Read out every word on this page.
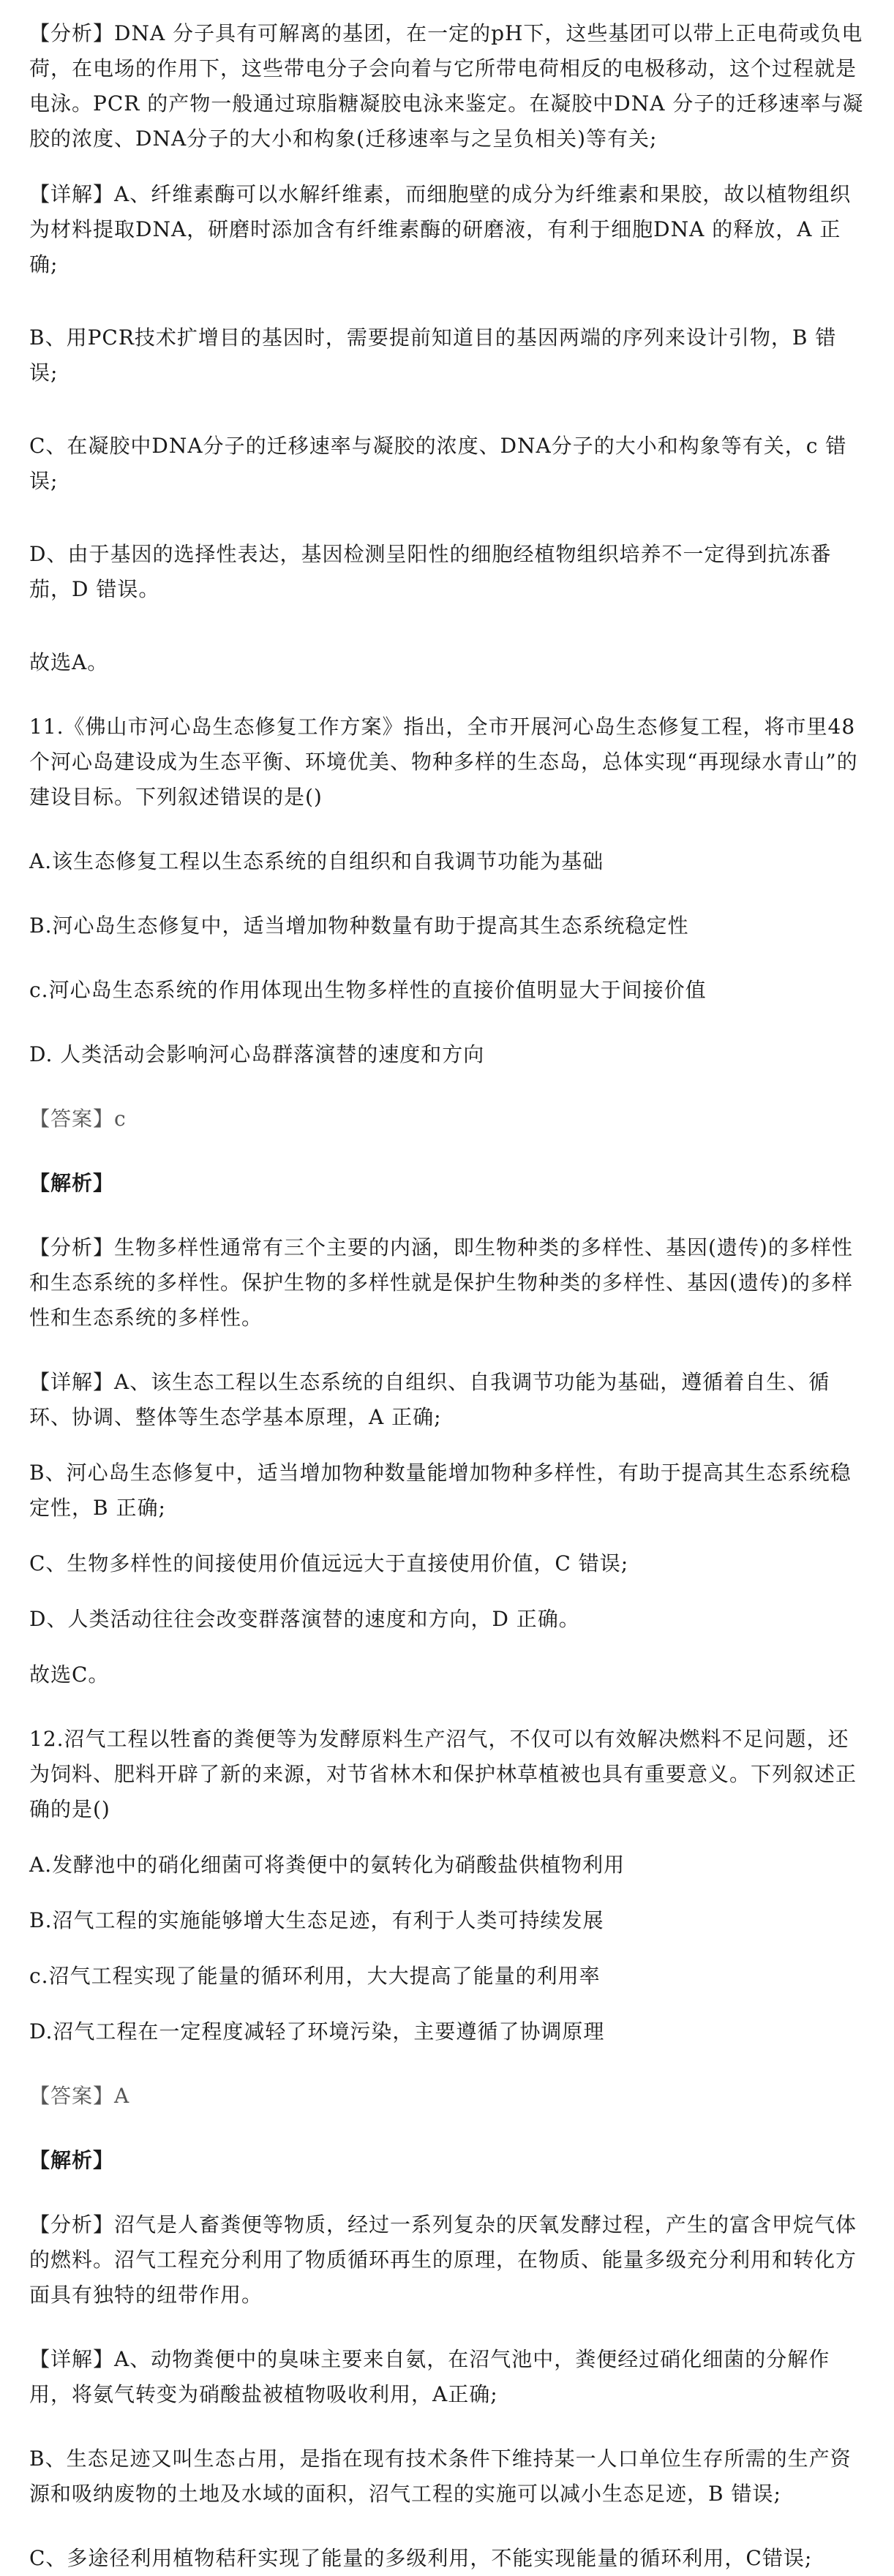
【分析】DNA 分子具有可解离的基团，在一定的pH下，这些基团可以带上正电荷或负电荷，在电场的作用下，这些带电分子会向着与它所带电荷相反的电极移动，这个过程就是电泳。PCR 的产物一般通过琼脂糖凝胶电泳来鉴定。在凝胶中DNA 分子的迁移速率与凝胶的浓度、DNA分子的大小和构象(迁移速率与之呈负相关)等有关;

【详解】A、纤维素酶可以水解纤维素，而细胞壁的成分为纤维素和果胶，故以植物组织为材料提取DNA，研磨时添加含有纤维素酶的研磨液，有利于细胞DNA 的释放，A 正确;

B、用PCR技术扩增目的基因时，需要提前知道目的基因两端的序列来设计引物，B 错误;

C、在凝胶中DNA分子的迁移速率与凝胶的浓度、DNA分子的大小和构象等有关，c 错误;

D、由于基因的选择性表达，基因检测呈阳性的细胞经植物组织培养不一定得到抗冻番茄，D 错误。

故选A。

11.《佛山市河心岛生态修复工作方案》指出，全市开展河心岛生态修复工程，将市里48个河心岛建设成为生态平衡、环境优美、物种多样的生态岛，总体实现“再现绿水青山”的建设目标。下列叙述错误的是()

A.该生态修复工程以生态系统的自组织和自我调节功能为基础

B.河心岛生态修复中，适当增加物种数量有助于提高其生态系统稳定性

c.河心岛生态系统的作用体现出生物多样性的直接价值明显大于间接价值

D. 人类活动会影响河心岛群落演替的速度和方向

【答案】c

【解析】

【分析】生物多样性通常有三个主要的内涵，即生物种类的多样性、基因(遗传)的多样性和生态系统的多样性。保护生物的多样性就是保护生物种类的多样性、基因(遗传)的多样性和生态系统的多样性。

【详解】A、该生态工程以生态系统的自组织、自我调节功能为基础，遵循着自生、循环、协调、整体等生态学基本原理，A 正确;

B、河心岛生态修复中，适当增加物种数量能增加物种多样性，有助于提高其生态系统稳定性，B 正确;

C、生物多样性的间接使用价值远远大于直接使用价值，C 错误;

D、人类活动往往会改变群落演替的速度和方向，D 正确。

故选C。

12.沼气工程以牲畜的粪便等为发酵原料生产沼气，不仅可以有效解决燃料不足问题，还为饲料、肥料开辟了新的来源，对节省林木和保护林草植被也具有重要意义。下列叙述正确的是()

A.发酵池中的硝化细菌可将粪便中的氨转化为硝酸盐供植物利用

B.沼气工程的实施能够增大生态足迹，有利于人类可持续发展

c.沼气工程实现了能量的循环利用，大大提高了能量的利用率

D.沼气工程在一定程度减轻了环境污染，主要遵循了协调原理

【答案】A

【解析】

【分析】沼气是人畜粪便等物质，经过一系列复杂的厌氧发酵过程，产生的富含甲烷气体的燃料。沼气工程充分利用了物质循环再生的原理，在物质、能量多级充分利用和转化方面具有独特的纽带作用。

【详解】A、动物粪便中的臭味主要来自氨，在沼气池中，粪便经过硝化细菌的分解作用，将氨气转变为硝酸盐被植物吸收利用，A正确;

B、生态足迹又叫生态占用，是指在现有技术条件下维持某一人口单位生存所需的生产资源和吸纳废物的土地及水域的面积，沼气工程的实施可以减小生态足迹，B 错误;

C、多途径利用植物秸秆实现了能量的多级利用，不能实现能量的循环利用，C错误;
